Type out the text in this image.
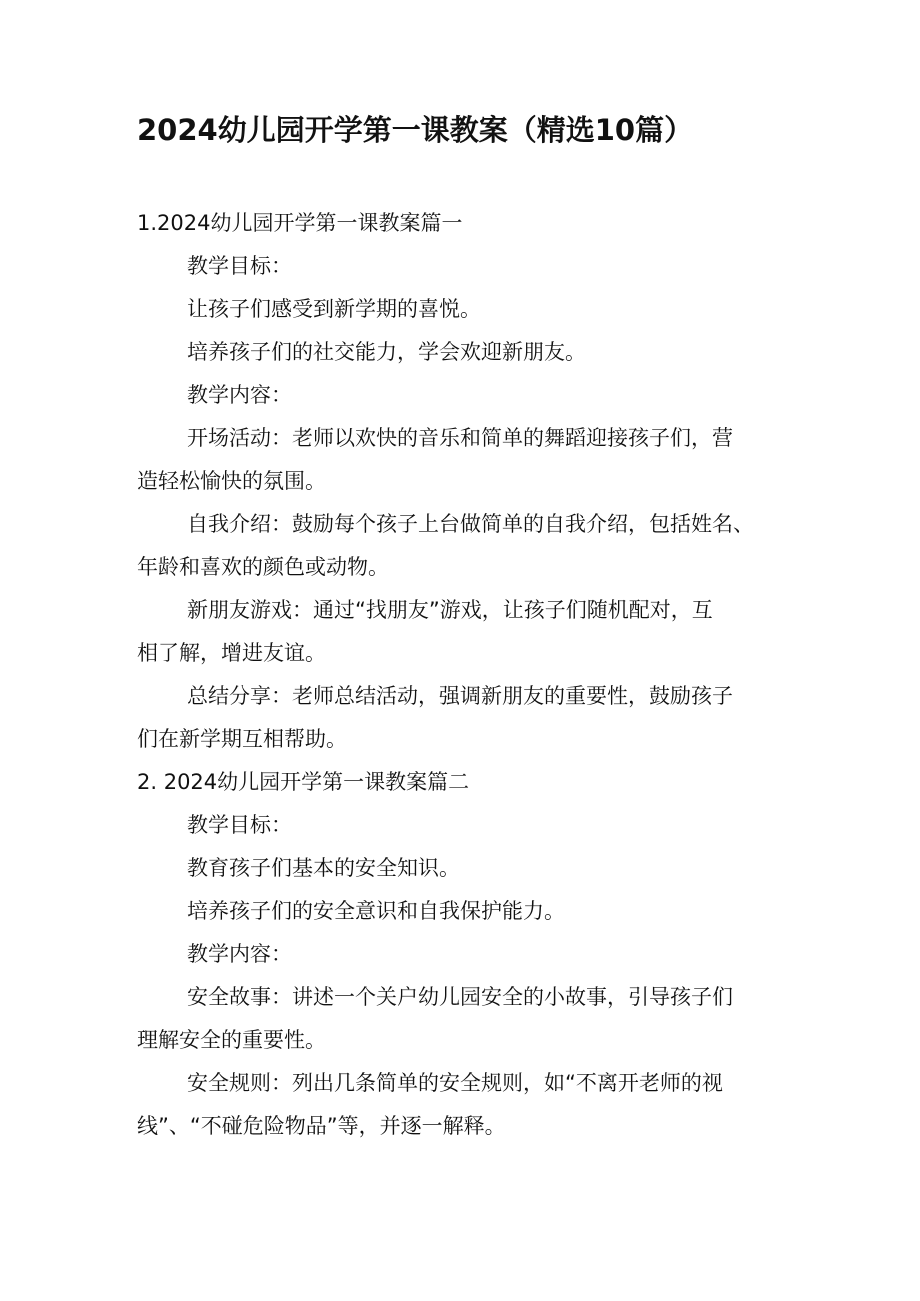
2024幼儿园开学第一课教案（精选10篇）
1.2024幼儿园开学第一课教案篇一
教学目标：
让孩子们感受到新学期的喜悦。
培养孩子们的社交能力，学会欢迎新朋友。
教学内容：
开场活动：老师以欢快的音乐和简单的舞蹈迎接孩子们，营
造轻松愉快的氛围。
自我介绍：鼓励每个孩子上台做简单的自我介绍，包括姓名、
年龄和喜欢的颜色或动物。
新朋友游戏：通过“找朋友”游戏，让孩子们随机配对，互
相了解，增进友谊。
总结分享：老师总结活动，强调新朋友的重要性，鼓励孩子
们在新学期互相帮助。
2. 2024幼儿园开学第一课教案篇二
教学目标：
教育孩子们基本的安全知识。
培养孩子们的安全意识和自我保护能力。
教学内容：
安全故事：讲述一个关户幼儿园安全的小故事，引导孩子们
理解安全的重要性。
安全规则：列出几条简单的安全规则，如“不离开老师的视
线”、“不碰危险物品”等，并逐一解释。
